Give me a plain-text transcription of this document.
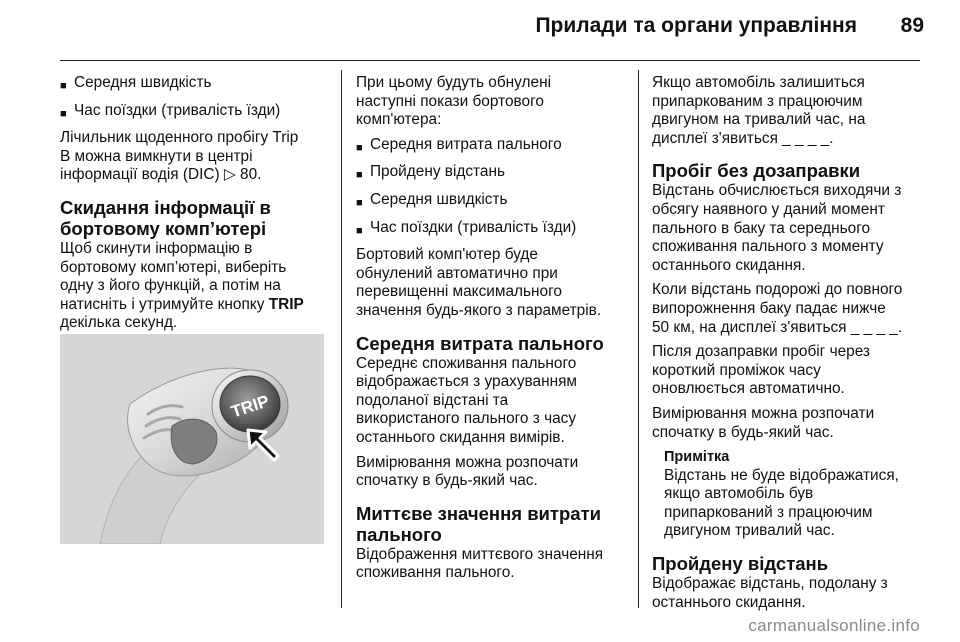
Прилади та органи управління 89
■ Середня швидкість
■ Час поїздки (тривалість їзди)
Лічильник щоденного пробігу Trip
B можна вимкнути в центрі
інформації водія (DIC) ▷ 80.
Скидання інформації в
бортовому комп’ютері
Щоб скинути інформацію в
бортовому комп’ютері, виберіть
одну з його функцій, а потім на
натисніть і утримуйте кнопку TRIP
декілька секунд.
TRIP
При цьому будуть обнулені
наступні покази бортового
комп'ютера:
■ Середня витрата пального
■ Пройдену відстань
■ Середня швидкість
■ Час поїздки (тривалість їзди)
Бортовий комп'ютер буде
обнулений автоматично при
перевищенні максимального
значення будь-якого з параметрів.
Середня витрата пального
Середнє споживання пального
відображається з урахуванням
подоланої відстані та
використаного пального з часу
останнього скидання вимірів.
Вимірювання можна розпочати
спочатку в будь-який час.
Миттєве значення витрати
пального
Відображення миттєвого значення
споживання пального.
Якщо автомобіль залишиться
припаркованим з працюючим
двигуном на тривалий час, на
дисплеї з'явиться _ _ _ _.
Пробіг без дозаправки
Відстань обчислюється виходячи з
обсягу наявного у даний момент
пального в баку та середнього
споживання пального з моменту
останнього скидання.
Коли відстань подорожі до повного
випорожнення баку падає нижче
50 км, на дисплеї з'явиться _ _ _ _.
Після дозаправки пробіг через
короткий проміжок часу
оновлюється автоматично.
Вимірювання можна розпочати
спочатку в будь-який час.
Примітка
Відстань не буде відображатися,
якщо автомобіль був
припаркований з працюючим
двигуном тривалий час.
Пройдену відстань
Відображає відстань, подолану з
останнього скидання.
carmanualsonline.info
